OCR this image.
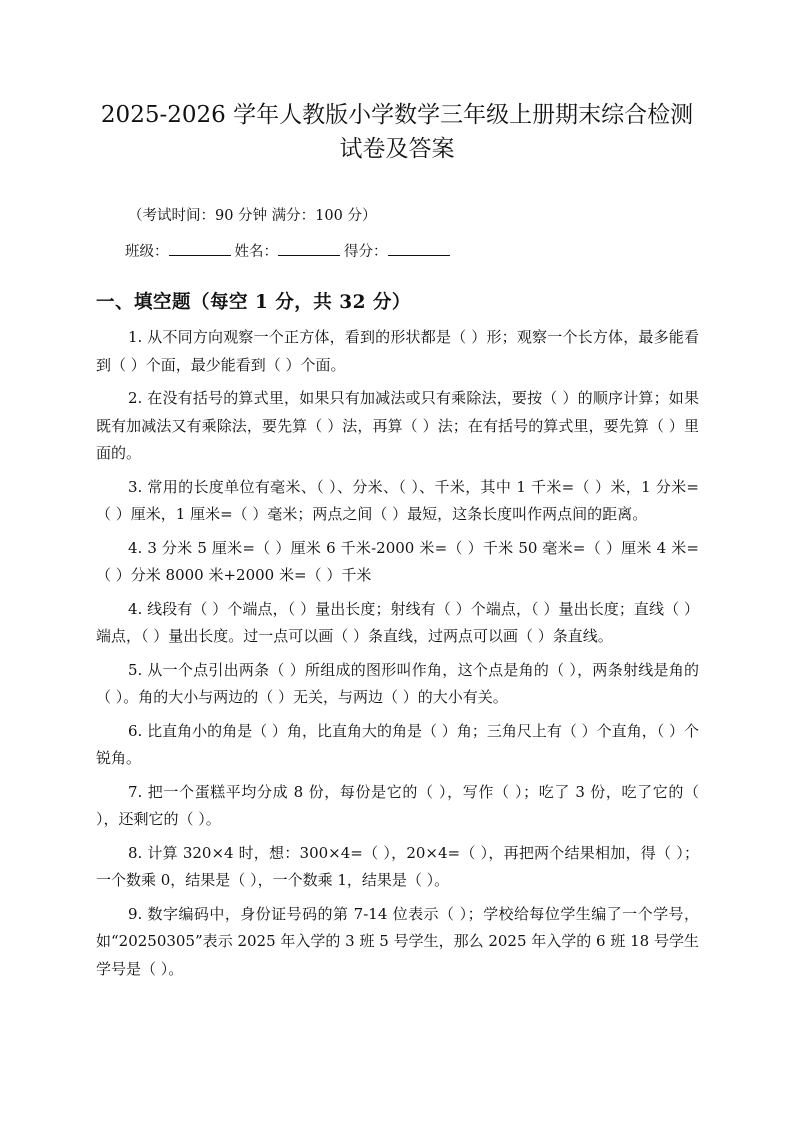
2025-2026 学年人教版小学数学三年级上册期末综合检测
试卷及答案
（考试时间：90 分钟 满分：100 分）
班级：	姓名：	得分：
一、填空题（每空 1 分，共 32 分）

1. 从不同方向观察一个正方体，看到的形状都是（ ）形；观察一个长方体，最多能看到（ ）个面，最少能看到（ ）个面。

2. 在没有括号的算式里，如果只有加减法或只有乘除法，要按（ ）的顺序计算；如果既有加减法又有乘除法，要先算（ ）法，再算（ ）法；在有括号的算式里，要先算（ ）里面的。

3. 常用的长度单位有毫米、（ ）、分米、（ ）、千米，其中 1 千米=（ ）米，1 分米=（ ）厘米，1 厘米=（ ）毫米；两点之间（ ）最短，这条长度叫作两点间的距离。

4. 3 分米 5 厘米=（ ）厘米 6 千米-2000 米=（ ）千米 50 毫米=（ ）厘米 4 米=（ ）分米 8000 米+2000 米=（ ）千米

4. 线段有（ ）个端点，（ ）量出长度；射线有（ ）个端点，（ ）量出长度；直线（ ）端点，（ ）量出长度。过一点可以画（ ）条直线，过两点可以画（ ）条直线。

5. 从一个点引出两条（ ）所组成的图形叫作角，这个点是角的（ ），两条射线是角的（ ）。角的大小与两边的（ ）无关，与两边（ ）的大小有关。

6. 比直角小的角是（ ）角，比直角大的角是（ ）角；三角尺上有（ ）个直角，（ ）个锐角。

7. 把一个蛋糕平均分成 8 份，每份是它的（ ），写作（ ）；吃了 3 份，吃了它的（ ），还剩它的（ ）。

8. 计算 320×4 时，想：300×4=（ ），20×4=（ ），再把两个结果相加，得（ ）；一个数乘 0，结果是（ ），一个数乘 1，结果是（ ）。

9. 数字编码中，身份证号码的第 7-14 位表示（ ）；学校给每位学生编了一个学号，如“20250305”表示 2025 年入学的 3 班 5 号学生，那么 2025 年入学的 6 班 18 号学生学号是（ ）。
